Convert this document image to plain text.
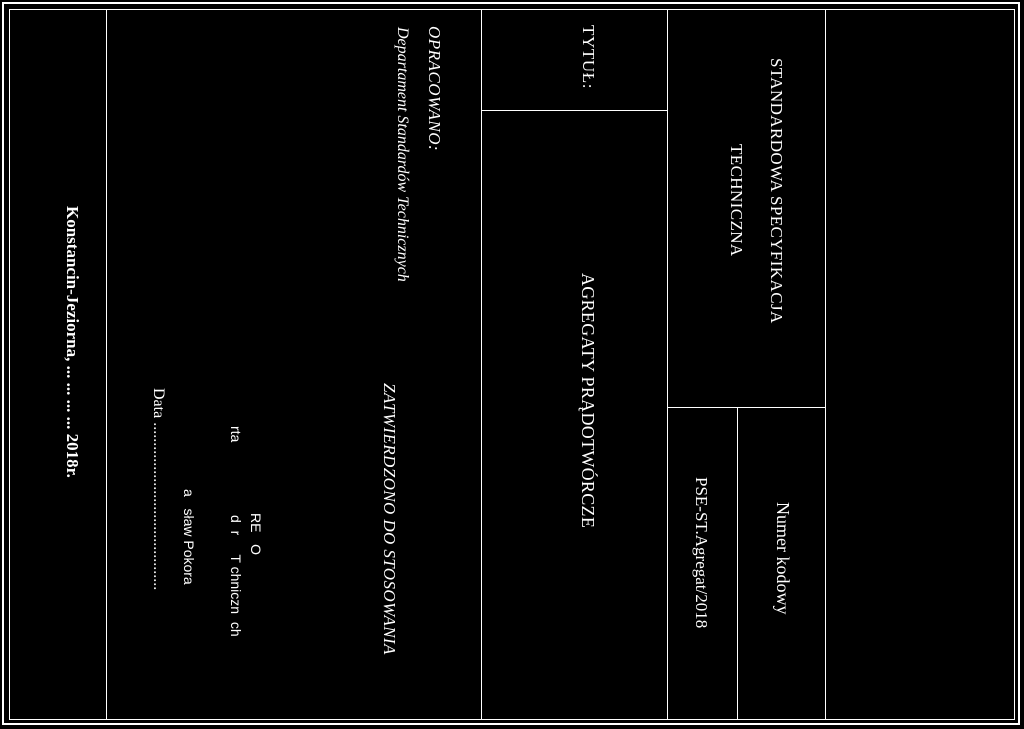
STANDARDOWA SPECYFIKACJA
TECHNICZNA
Numer kodowy
PSE-ST.Agregat/2018
TYTUŁ:
AGREGATY PRĄDOTWÓRCZE
OPRACOWANO:
Departament Standardów Technicznych
ZATWIERDZONO DO STOSOWANIA
RE   O
rta
d  r     T chniczn  ch
a   sław Pokora
Data ..........................................
Konstancin-Jeziorna, ... ... ... ... 2018r.
